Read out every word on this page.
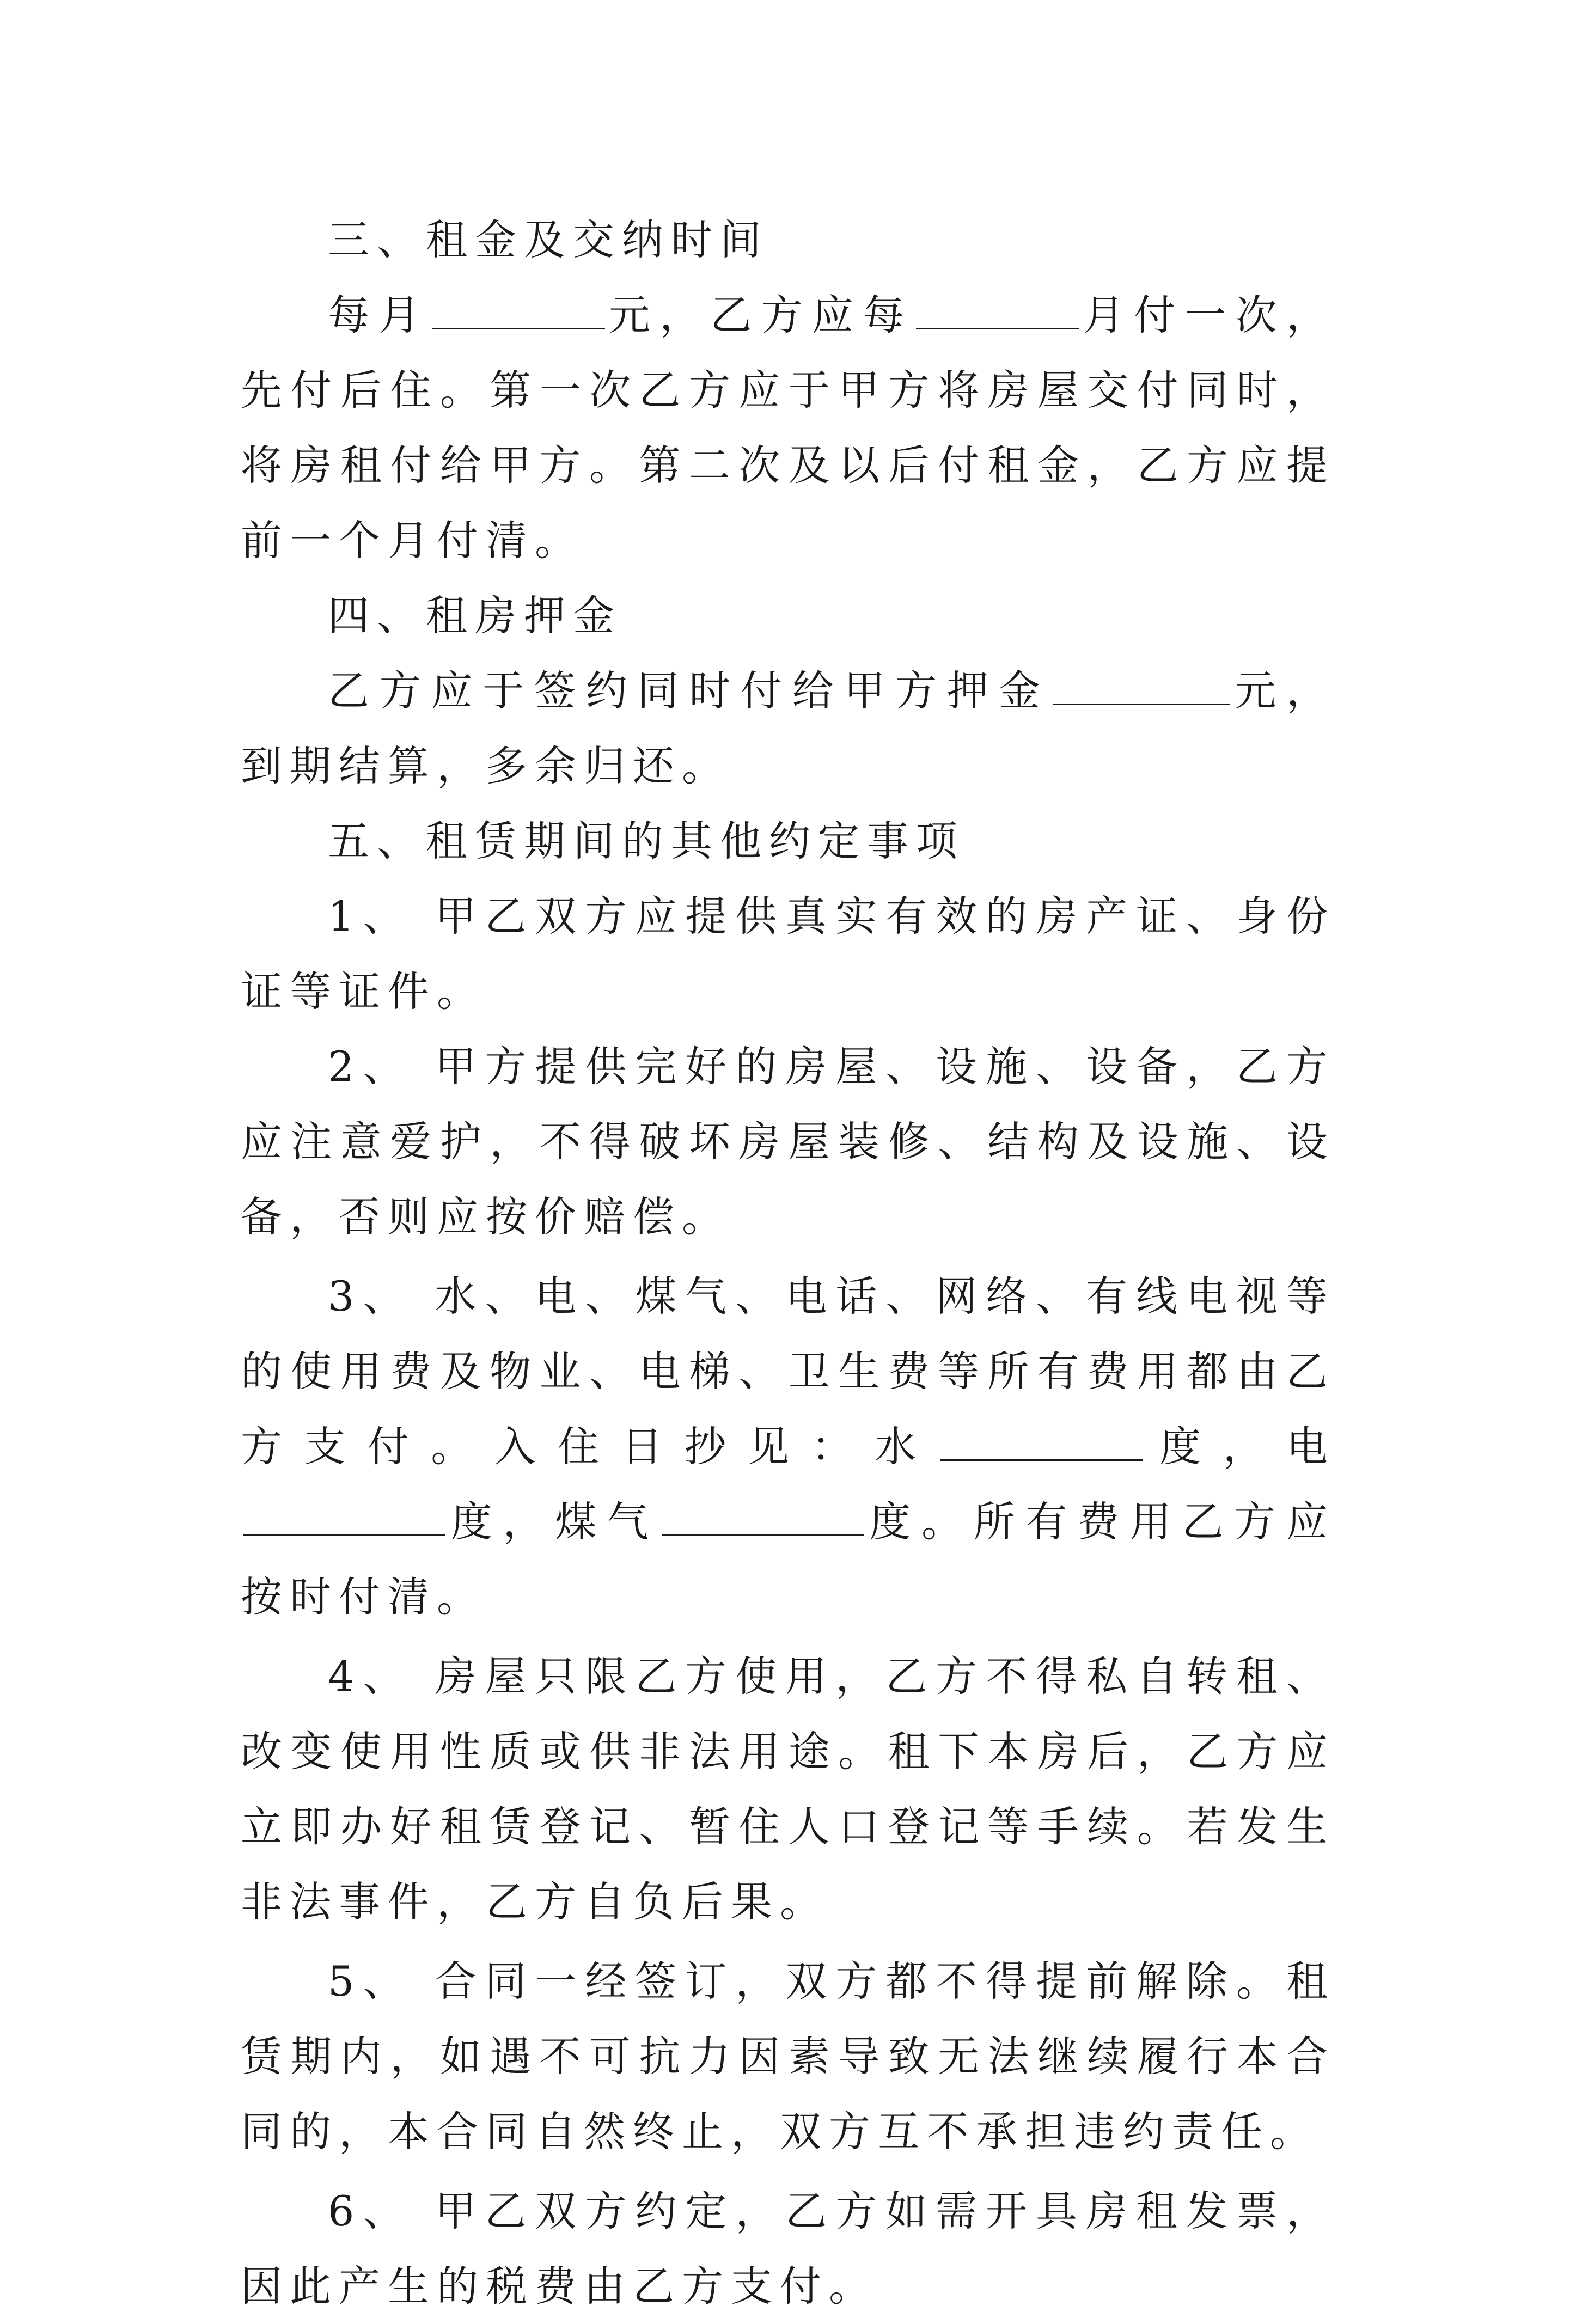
三、租金及交纳时间

每月	元，乙方应每	月付一次，先付后住。第一次乙方应于甲方将房屋交付同时，将房租付给甲方。第二次及以后付租金，乙方应提前一个月付清。

四、租房押金

乙方应于签约同时付给甲方押金	元，到期结算，多余归还。

五、租赁期间的其他约定事项

1、 甲乙双方应提供真实有效的房产证、身份证等证件。

2、 甲方提供完好的房屋、设施、设备，乙方应注意爱护，不得破坏房屋装修、结构及设施、设备，否则应按价赔偿。

3、 水、电、煤气、电话、网络、有线电视等的使用费及物业、电梯、卫生费等所有费用都由乙方支付。入住日抄见：水	度，电度，煤气	度。所有费用乙方应按时付清。

4、 房屋只限乙方使用，乙方不得私自转租、改变使用性质或供非法用途。租下本房后，乙方应立即办好租赁登记、暂住人口登记等手续。若发生非法事件，乙方自负后果。

5、 合同一经签订，双方都不得提前解除。租赁期内，如遇不可抗力因素导致无法继续履行本合同的，本合同自然终止，双方互不承担违约责任。

6、 甲乙双方约定，乙方如需开具房租发票，因此产生的税费由乙方支付。
